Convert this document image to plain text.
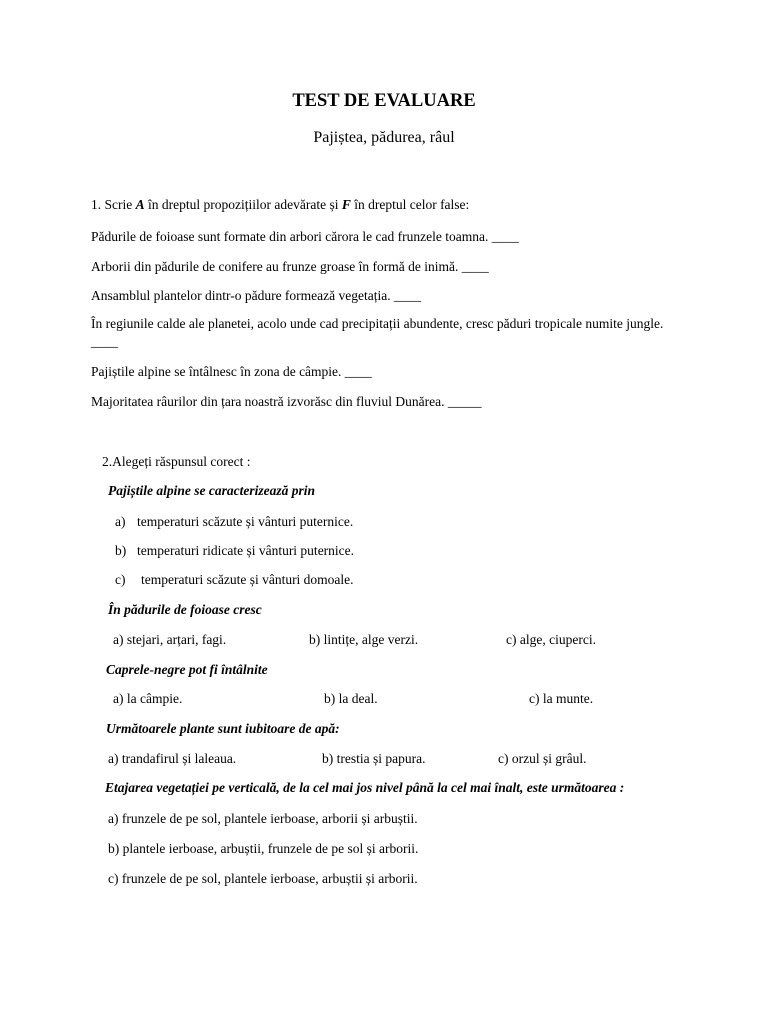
TEST DE EVALUARE
Pajiștea, pădurea, râul
1. Scrie A în dreptul propozițiilor adevărate și F în dreptul celor false:
Pădurile de foioase sunt formate din arbori cărora le cad frunzele toamna. ____
Arborii din pădurile de conifere au frunze groase în formă de inimă. ____
Ansamblul plantelor dintr-o pădure formează vegetația. ____
În regiunile calde ale planetei, acolo unde cad precipitații abundente, cresc păduri tropicale numite jungle. ____
Pajiștile alpine se întâlnesc în zona de câmpie. ____
Majoritatea râurilor din țara noastră izvorăsc din fluviul Dunărea. _____
2.Alegeți răspunsul corect :
Pajiștile alpine se caracterizează prin
a) temperaturi scăzute și vânturi puternice.
b) temperaturi ridicate și vânturi puternice.
c) temperaturi scăzute și vânturi domoale.
În pădurile de foioase cresc
a) stejari, arțari, fagi.	b) lintițe, alge verzi.	c) alge, ciuperci.
Caprele-negre pot fi întâlnite
a) la câmpie.	b) la deal.	c) la munte.
Următoarele plante sunt iubitoare de apă:
a) trandafirul și laleaua.	b) trestia și papura.	c) orzul și grâul.
Etajarea vegetației pe verticală, de la cel mai jos nivel până la cel mai înalt, este următoarea :
a) frunzele de pe sol, plantele ierboase, arborii și arbuștii.
b) plantele ierboase, arbuștii, frunzele de pe sol și arborii.
c) frunzele de pe sol, plantele ierboase, arbuștii și arborii.
